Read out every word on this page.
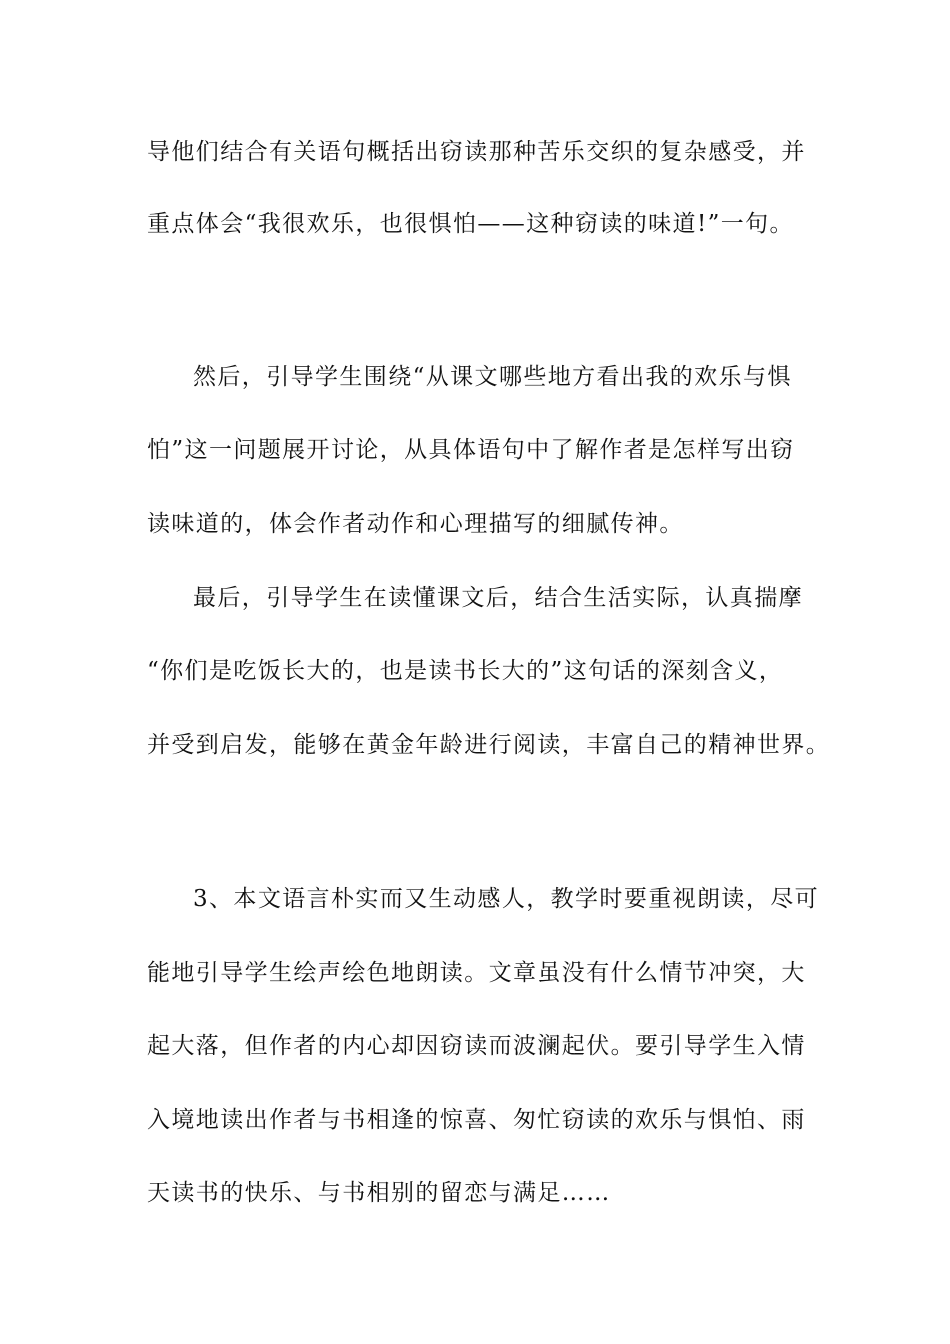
导他们结合有关语句概括出窃读那种苦乐交织的复杂感受，并
重点体会“我很欢乐，也很惧怕——这种窃读的味道!”一句。
然后，引导学生围绕“从课文哪些地方看出我的欢乐与惧
怕”这一问题展开讨论，从具体语句中了解作者是怎样写出窃
读味道的，体会作者动作和心理描写的细腻传神。
最后，引导学生在读懂课文后，结合生活实际，认真揣摩
“你们是吃饭长大的，也是读书长大的”这句话的深刻含义，
并受到启发，能够在黄金年龄进行阅读，丰富自己的精神世界。
3、本文语言朴实而又生动感人，教学时要重视朗读，尽可
能地引导学生绘声绘色地朗读。文章虽没有什么情节冲突，大
起大落，但作者的内心却因窃读而波澜起伏。要引导学生入情
入境地读出作者与书相逢的惊喜、匆忙窃读的欢乐与惧怕、雨
天读书的快乐、与书相别的留恋与满足……
